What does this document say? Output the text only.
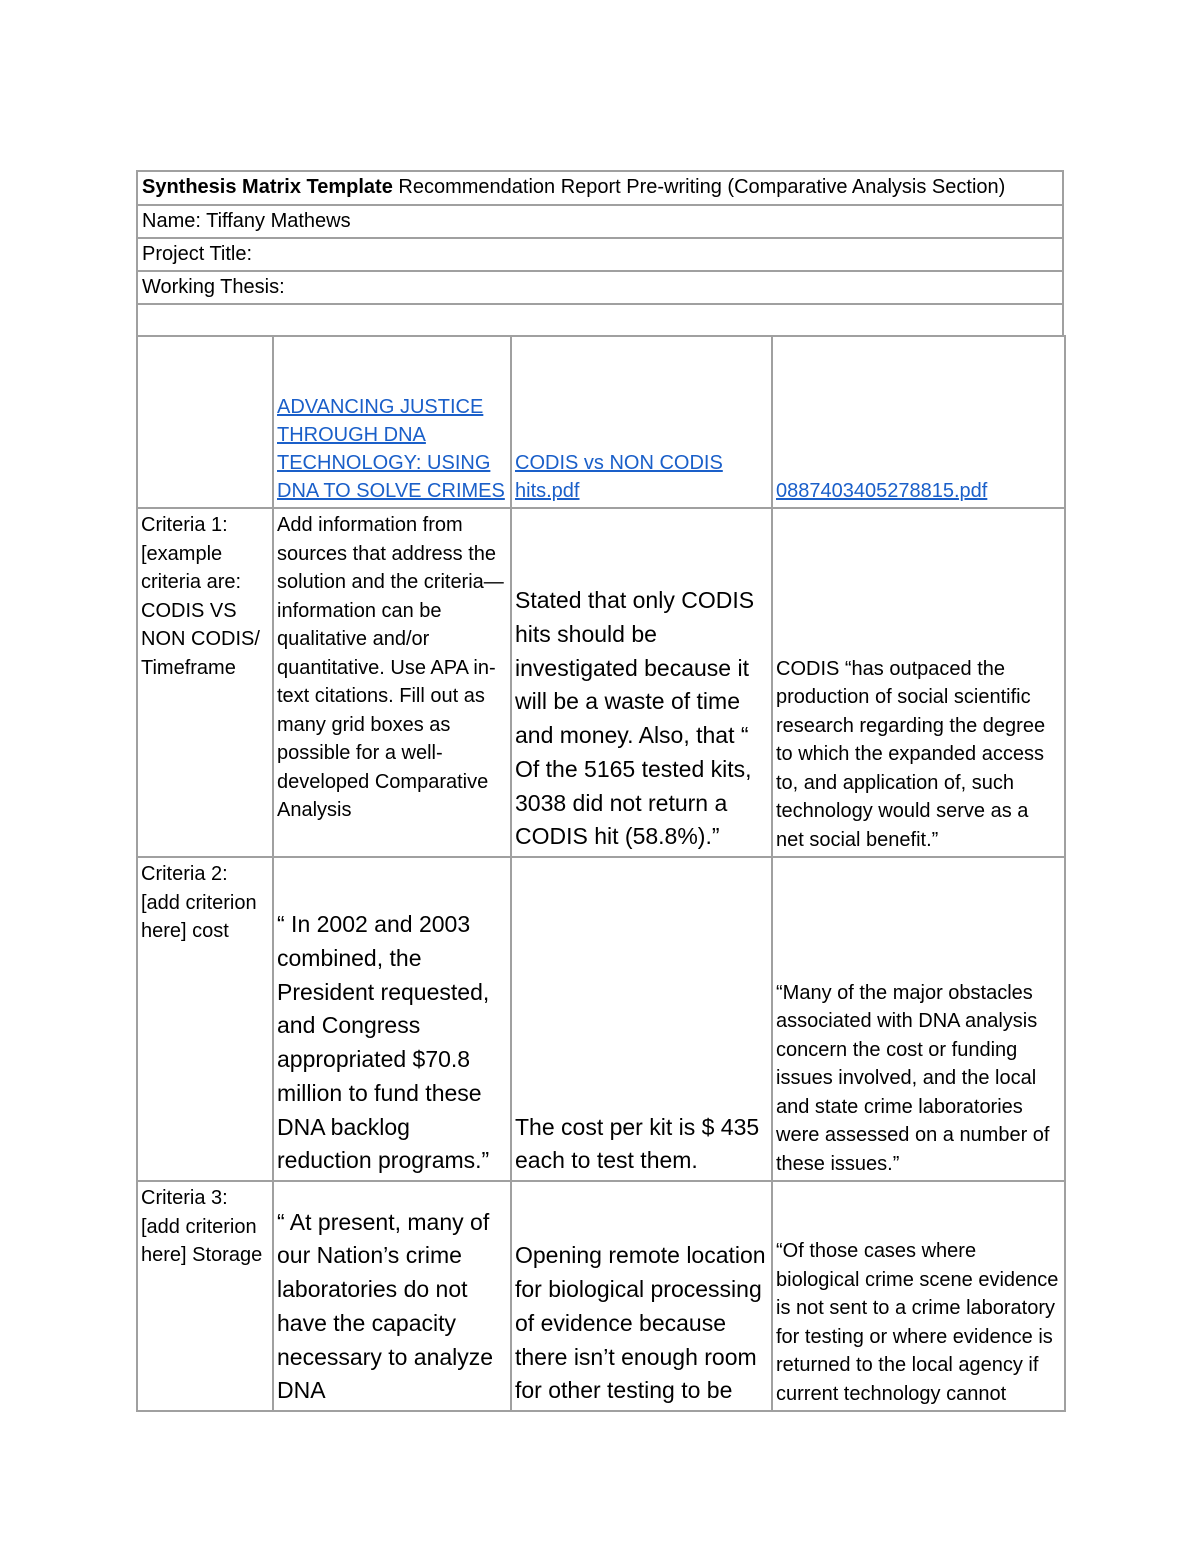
Synthesis Matrix Template Recommendation Report Pre-writing (Comparative Analysis Section)
Name: Tiffany Mathews
Project Title:
Working Thesis:
	ADVANCING JUSTICE THROUGH DNA TECHNOLOGY: USING DNA TO SOLVE CRIMES	CODIS vs NON CODIS hits.pdf	0887403405278815.pdf
Criteria 1: [example criteria are: CODIS VS NON CODIS/ Timeframe	Add information from sources that address the solution and the criteria—information can be qualitative and/or quantitative. Use APA in-text citations. Fill out as many grid boxes as possible for a well-developed Comparative Analysis	Stated that only CODIS hits should be investigated because it will be a waste of time and money. Also, that “ Of the 5165 tested kits, 3038 did not return a CODIS hit (58.8%).”	CODIS “has outpaced the production of social scientific research regarding the degree to which the expanded access to, and application of, such technology would serve as a net social benefit.”
Criteria 2: [add criterion here] cost	“ In 2002 and 2003 combined, the President requested, and Congress appropriated $70.8 million to fund these DNA backlog reduction programs.”	The cost per kit is $ 435 each to test them.	“Many of the major obstacles associated with DNA analysis concern the cost or funding issues involved, and the local and state crime laboratories were assessed on a number of these issues.”
Criteria 3: [add criterion here] Storage	“ At present, many of our Nation’s crime laboratories do not have the capacity necessary to analyze DNA	Opening remote location for biological processing of evidence because there isn’t enough room for other testing to be	“Of those cases where biological crime scene evidence is not sent to a crime laboratory for testing or where evidence is returned to the local agency if current technology cannot
